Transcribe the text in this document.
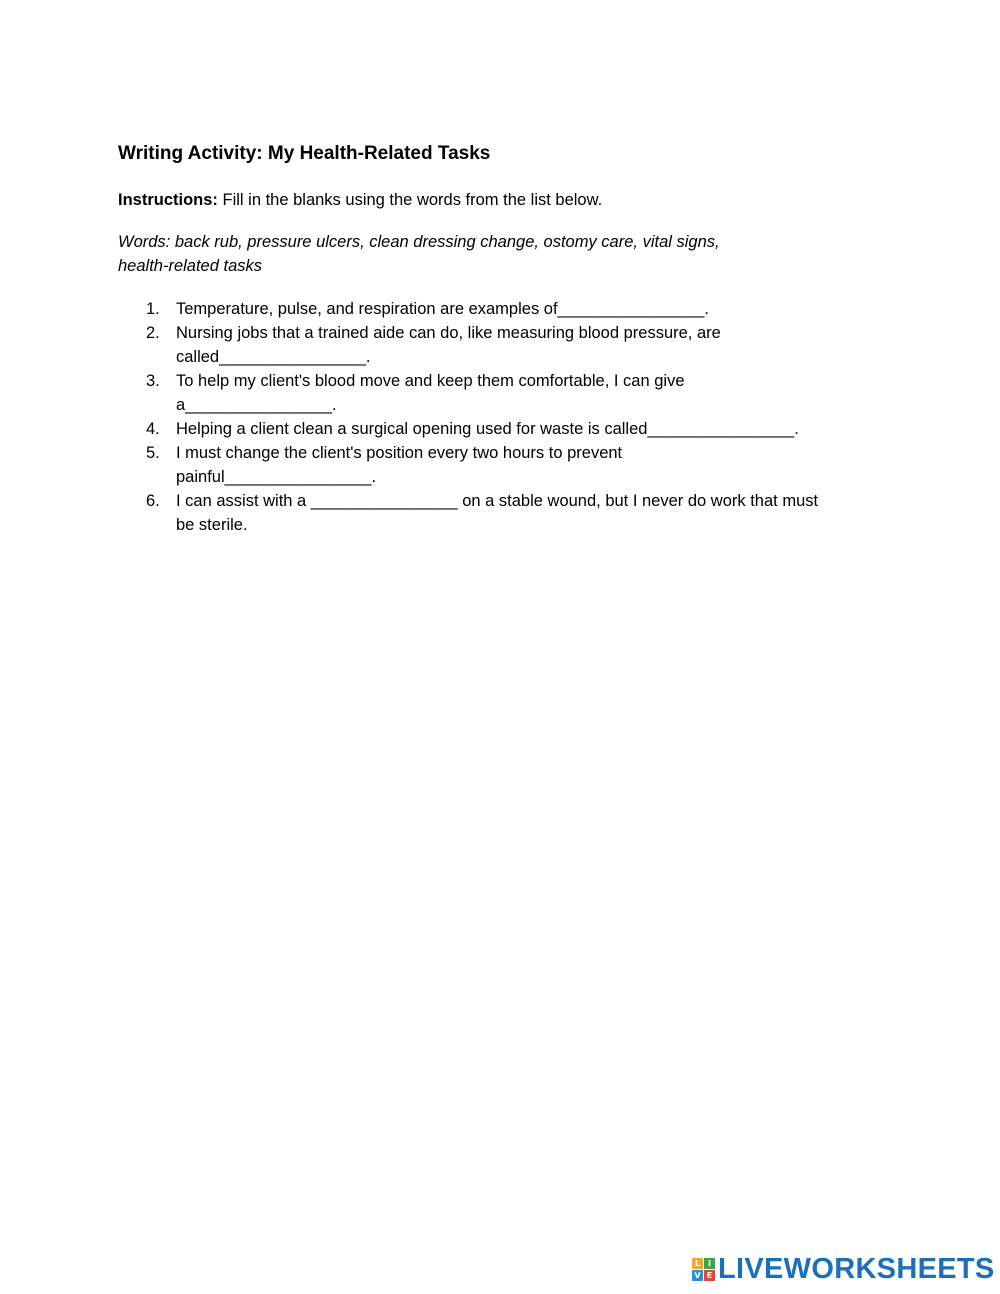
Writing Activity: My Health-Related Tasks

Instructions: Fill in the blanks using the words from the list below.

Words: back rub, pressure ulcers, clean dressing change, ostomy care, vital signs,
health-related tasks

1. Temperature, pulse, and respiration are examples of________________.
2. Nursing jobs that a trained aide can do, like measuring blood pressure, are
called________________.
3. To help my client's blood move and keep them comfortable, I can give
a________________.
4. Helping a client clean a surgical opening used for waste is called________________.
5. I must change the client's position every two hours to prevent
painful________________.
6. I can assist with a ________________ on a stable wound, but I never do work that must
be sterile.
L I
V E LIVE WORKSHEETS
